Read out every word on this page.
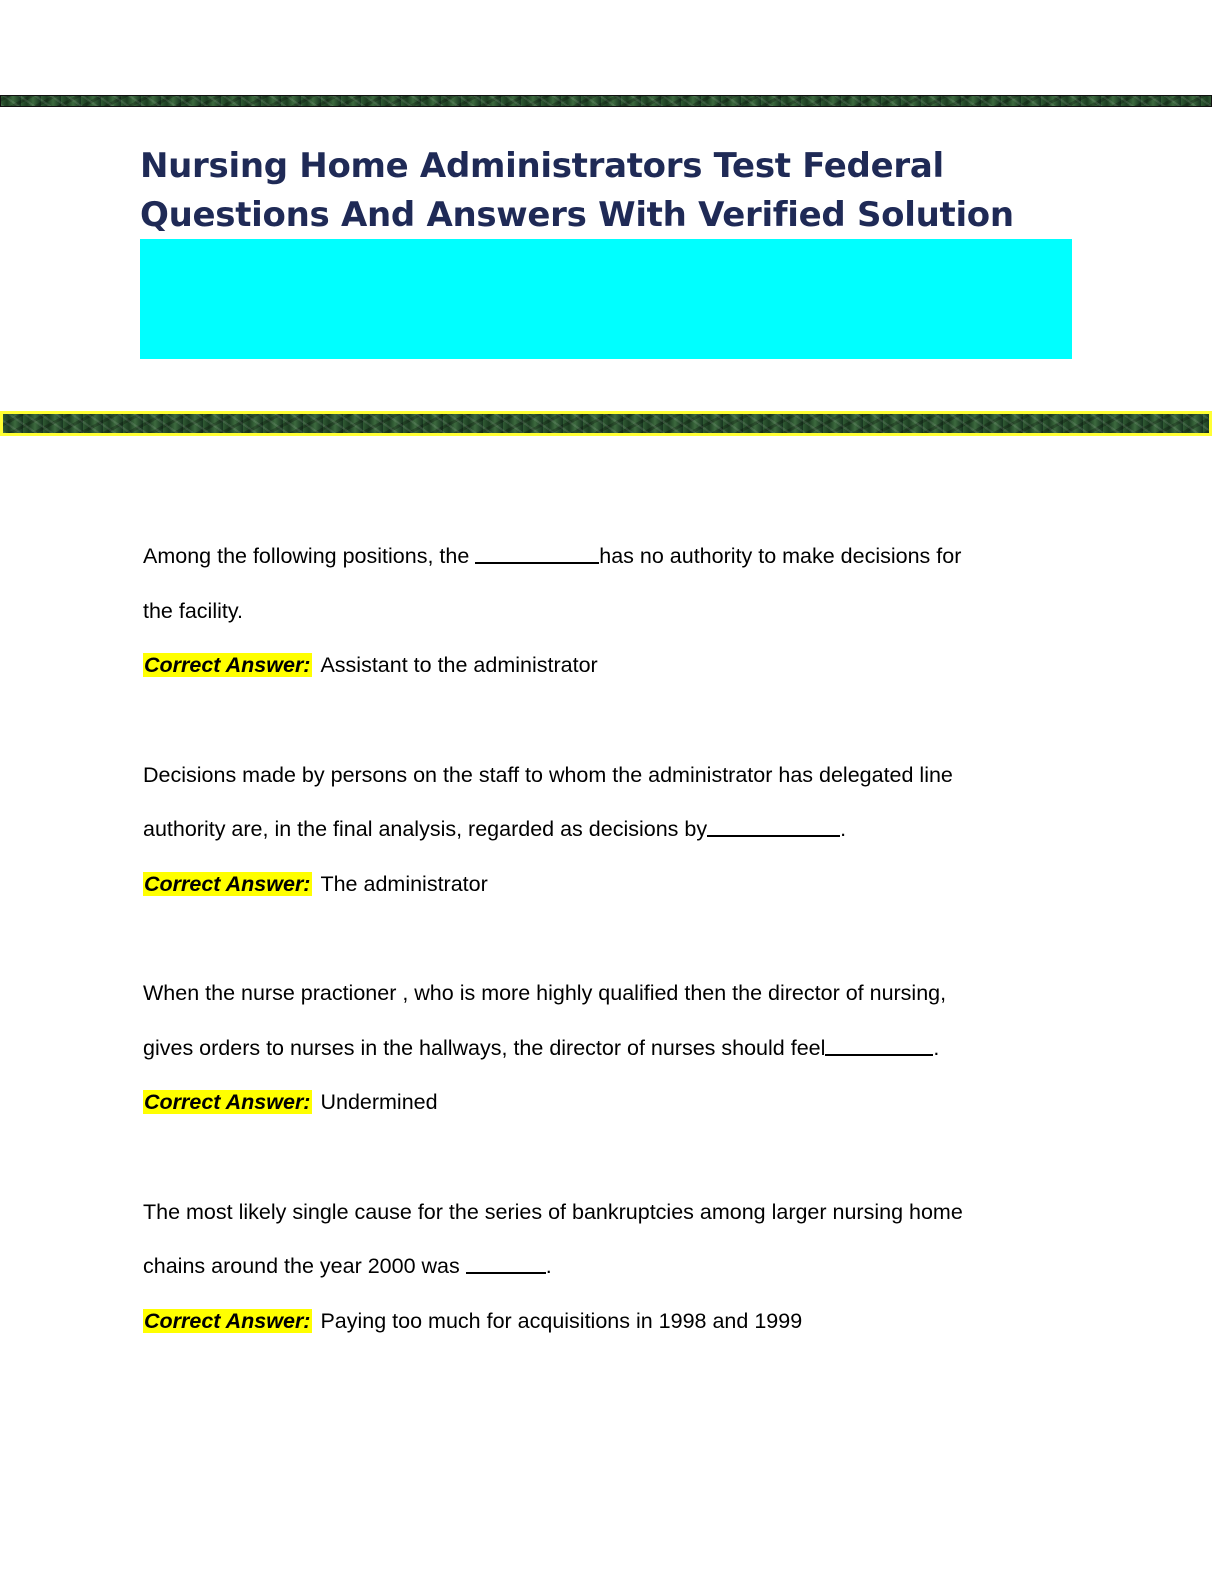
Nursing Home Administrators Test Federal Questions And Answers With Verified Solution
Among the following positions, the	has no authority to make decisions for
the facility.
Correct Answer: Assistant to the administrator
Decisions made by persons on the staff to whom the administrator has delegated line
authority are, in the final analysis, regarded as decisions by	.
Correct Answer: The administrator
When the nurse practioner , who is more highly qualified then the director of nursing,
gives orders to nurses in the hallways, the director of nurses should feel	.
Correct Answer: Undermined
The most likely single cause for the series of bankruptcies among larger nursing home
chains around the year 2000 was	.
Correct Answer: Paying too much for acquisitions in 1998 and 1999
